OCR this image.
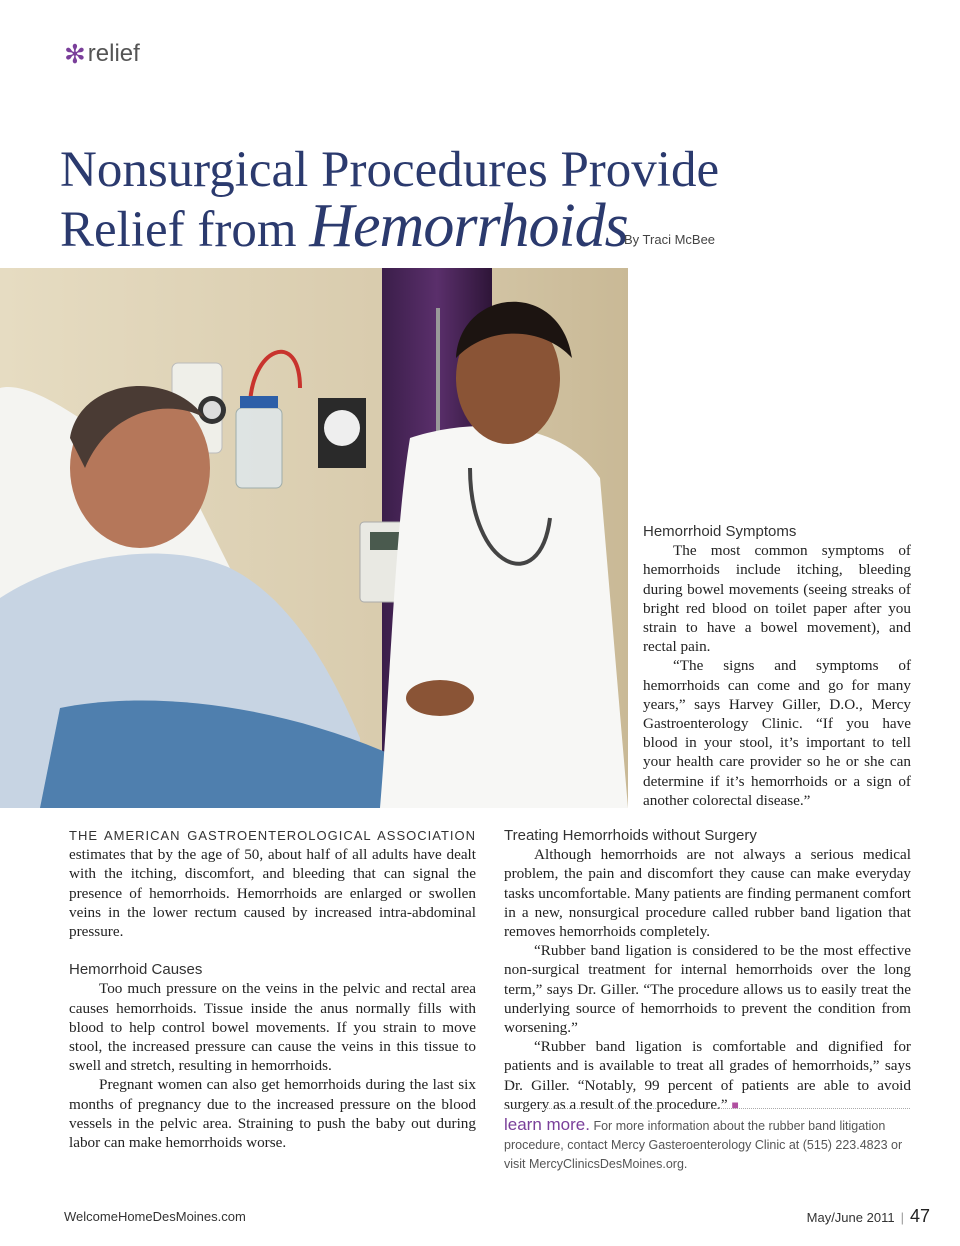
✻ relief
Nonsurgical Procedures Provide
Relief from Hemorrhoids
By Traci McBee

Hemorrhoid Symptoms

The most common symptoms of hemorrhoids include itching, bleeding during bowel movements (seeing streaks of bright red blood on toilet paper after you strain to have a bowel movement), and rectal pain.

“The signs and symptoms of hemorrhoids can come and go for many years,” says Harvey Giller, D.O., Mercy Gastroenterology Clinic. “If you have blood in your stool, it’s important to tell your health care provider so he or she can determine if it’s hemorrhoids or a sign of another colorectal disease.”

THE AMERICAN GASTROENTEROLOGICAL ASSOCIATION estimates that by the age of 50, about half of all adults have dealt with the itching, discomfort, and bleeding that can signal the presence of hemorrhoids. Hemorrhoids are enlarged or swollen veins in the lower rectum caused by increased intra-abdominal pressure.

Hemorrhoid Causes

Too much pressure on the veins in the pelvic and rectal area causes hemorrhoids. Tissue inside the anus normally fills with blood to help control bowel movements. If you strain to move stool, the increased pressure can cause the veins in this tissue to swell and stretch, resulting in hemorrhoids.

Pregnant women can also get hemorrhoids during the last six months of pregnancy due to the increased pressure on the blood vessels in the pelvic area. Straining to push the baby out during labor can make hemorrhoids worse.

Treating Hemorrhoids without Surgery

Although hemorrhoids are not always a serious medical problem, the pain and discomfort they cause can make everyday tasks uncomfortable. Many patients are finding permanent comfort in a new, nonsurgical procedure called rubber band ligation that removes hemorrhoids completely.

“Rubber band ligation is considered to be the most effective non-surgical treatment for internal hemorrhoids over the long term,” says Dr. Giller. “The procedure allows us to easily treat the underlying source of hemorrhoids to prevent the condition from worsening.”

“Rubber band ligation is comfortable and dignified for patients and is available to treat all grades of hemorrhoids,” says Dr. Giller. “Notably, 99 percent of patients are able to avoid surgery as a result of the procedure.” ■

learn more. For more information about the rubber band litigation procedure, contact Mercy Gasteroenterology Clinic at (515) 223.4823 or visit MercyClinicsDesMoines.org.
WelcomeHomeDesMoines.com	May/June 2011 | 47
